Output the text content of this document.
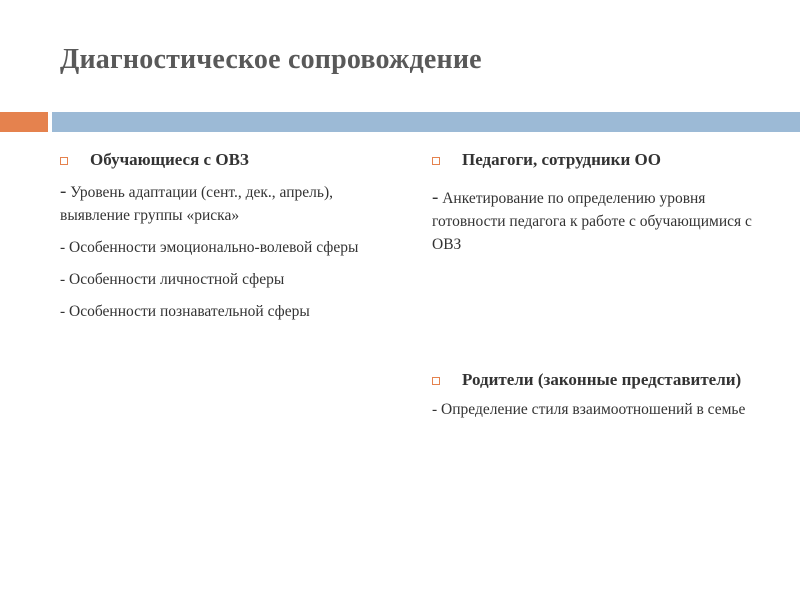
Диагностическое сопровождение
Обучающиеся с ОВЗ
- Уровень адаптации (сент., дек., апрель), выявление группы «риска»
- Особенности эмоционально-волевой сферы
- Особенности личностной сферы
- Особенности познавательной сферы
Педагоги, сотрудники ОО
- Анкетирование по определению уровня готовности педагога к работе с обучающимися с ОВЗ
Родители (законные представители)
- Определение стиля взаимоотношений в семье
